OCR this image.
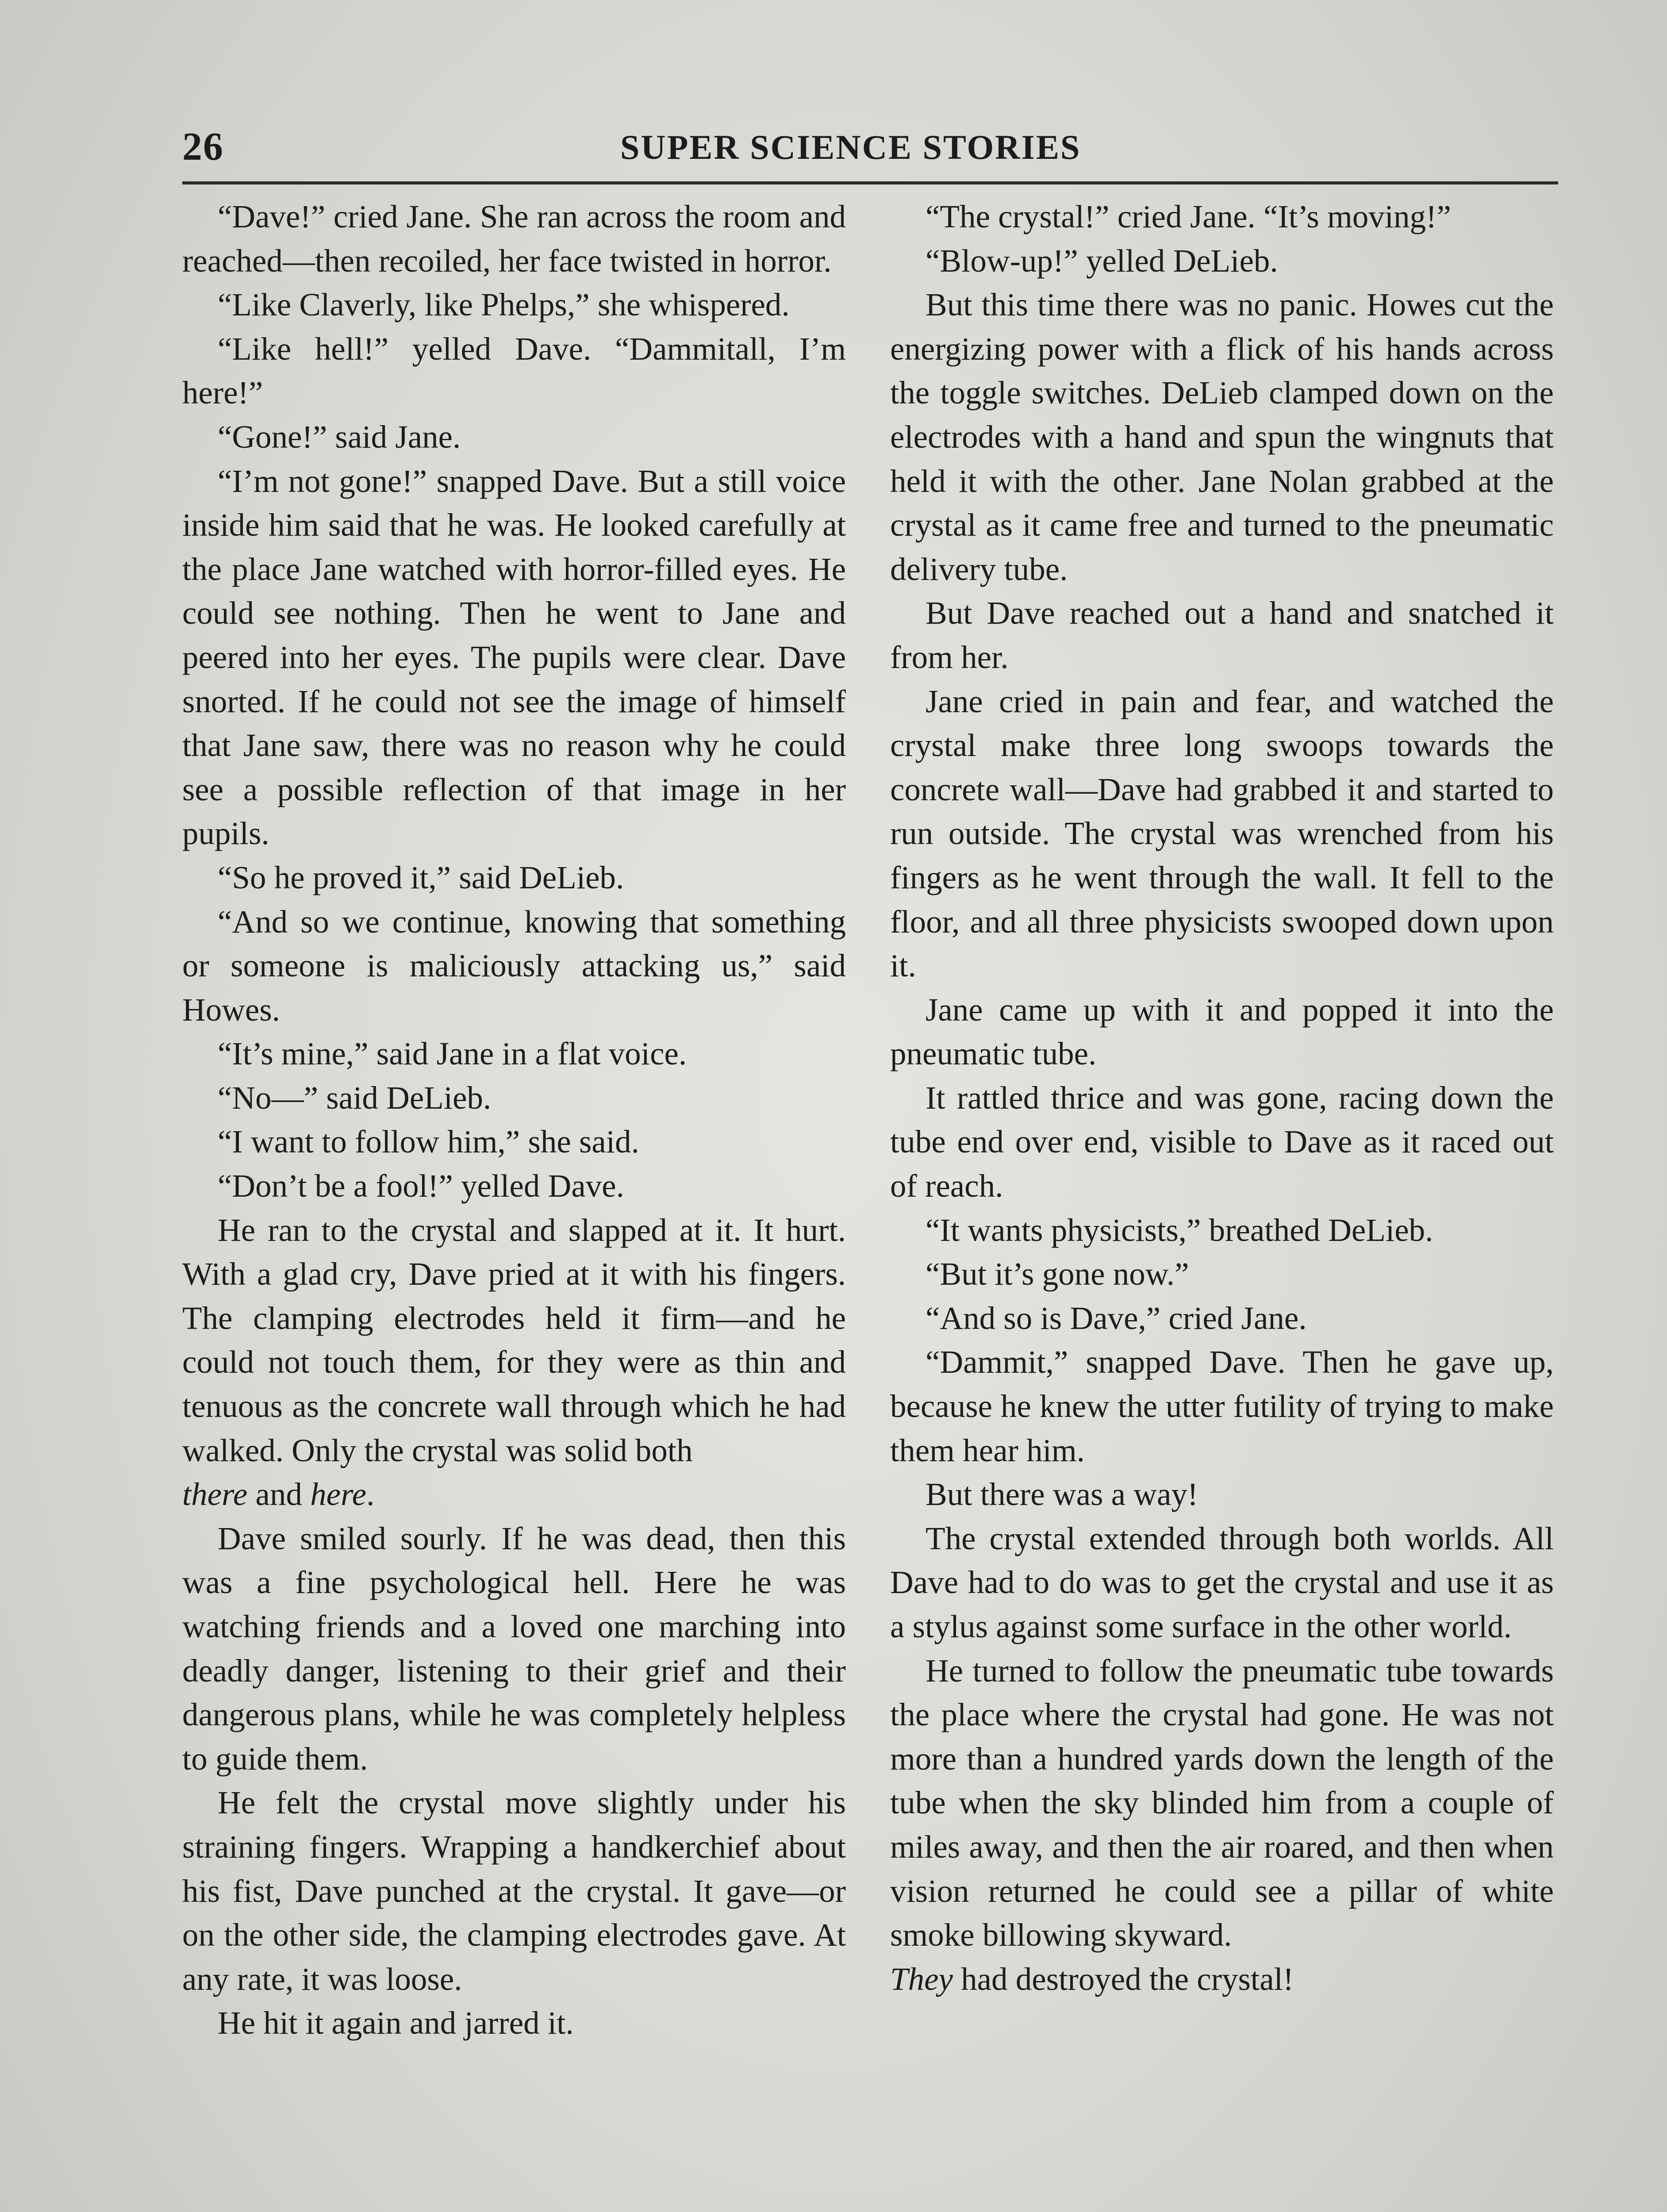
26	SUPER SCIENCE STORIES

“Dave!” cried Jane. She ran across the room and reached—then recoiled, her face twisted in horror.

“Like Claverly, like Phelps,” she whispered.

“Like hell!” yelled Dave. “Dammitall, I’m here!”

“Gone!” said Jane.

“I’m not gone!” snapped Dave. But a still voice inside him said that he was. He looked carefully at the place Jane watched with horror-filled eyes. He could see nothing. Then he went to Jane and peered into her eyes. The pupils were clear. Dave snorted. If he could not see the image of himself that Jane saw, there was no reason why he could see a possible reflection of that image in her pupils.

“So he proved it,” said DeLieb.

“And so we continue, knowing that something or someone is maliciously attacking us,” said Howes.

“It’s mine,” said Jane in a flat voice.

“No—” said DeLieb.

“I want to follow him,” she said.

“Don’t be a fool!” yelled Dave.

He ran to the crystal and slapped at it. It hurt. With a glad cry, Dave pried at it with his fingers. The clamping electrodes held it firm—and he could not touch them, for they were as thin and tenuous as the concrete wall through which he had walked. Only the crystal was solid both

there and here.

Dave smiled sourly. If he was dead, then this was a fine psychological hell. Here he was watching friends and a loved one marching into deadly danger, listening to their grief and their dangerous plans, while he was completely helpless to guide them.

He felt the crystal move slightly under his straining fingers. Wrapping a handkerchief about his fist, Dave punched at the crystal. It gave—or on the other side, the clamping electrodes gave. At any rate, it was loose.

He hit it again and jarred it.

“The crystal!” cried Jane. “It’s moving!”

“Blow-up!” yelled DeLieb.

But this time there was no panic. Howes cut the energizing power with a flick of his hands across the toggle switches. DeLieb clamped down on the electrodes with a hand and spun the wingnuts that held it with the other. Jane Nolan grabbed at the crystal as it came free and turned to the pneumatic delivery tube.

But Dave reached out a hand and snatched it from her.

Jane cried in pain and fear, and watched the crystal make three long swoops towards the concrete wall—Dave had grabbed it and started to run outside. The crystal was wrenched from his fingers as he went through the wall. It fell to the floor, and all three physicists swooped down upon it.

Jane came up with it and popped it into the pneumatic tube.

It rattled thrice and was gone, racing down the tube end over end, visible to Dave as it raced out of reach.

“It wants physicists,” breathed DeLieb.

“But it’s gone now.”

“And so is Dave,” cried Jane.

“Dammit,” snapped Dave. Then he gave up, because he knew the utter futility of trying to make them hear him.

But there was a way!

The crystal extended through both worlds. All Dave had to do was to get the crystal and use it as a stylus against some surface in the other world.

He turned to follow the pneumatic tube towards the place where the crystal had gone. He was not more than a hundred yards down the length of the tube when the sky blinded him from a couple of miles away, and then the air roared, and then when vision returned he could see a pillar of white smoke billowing skyward.

They had destroyed the crystal!
